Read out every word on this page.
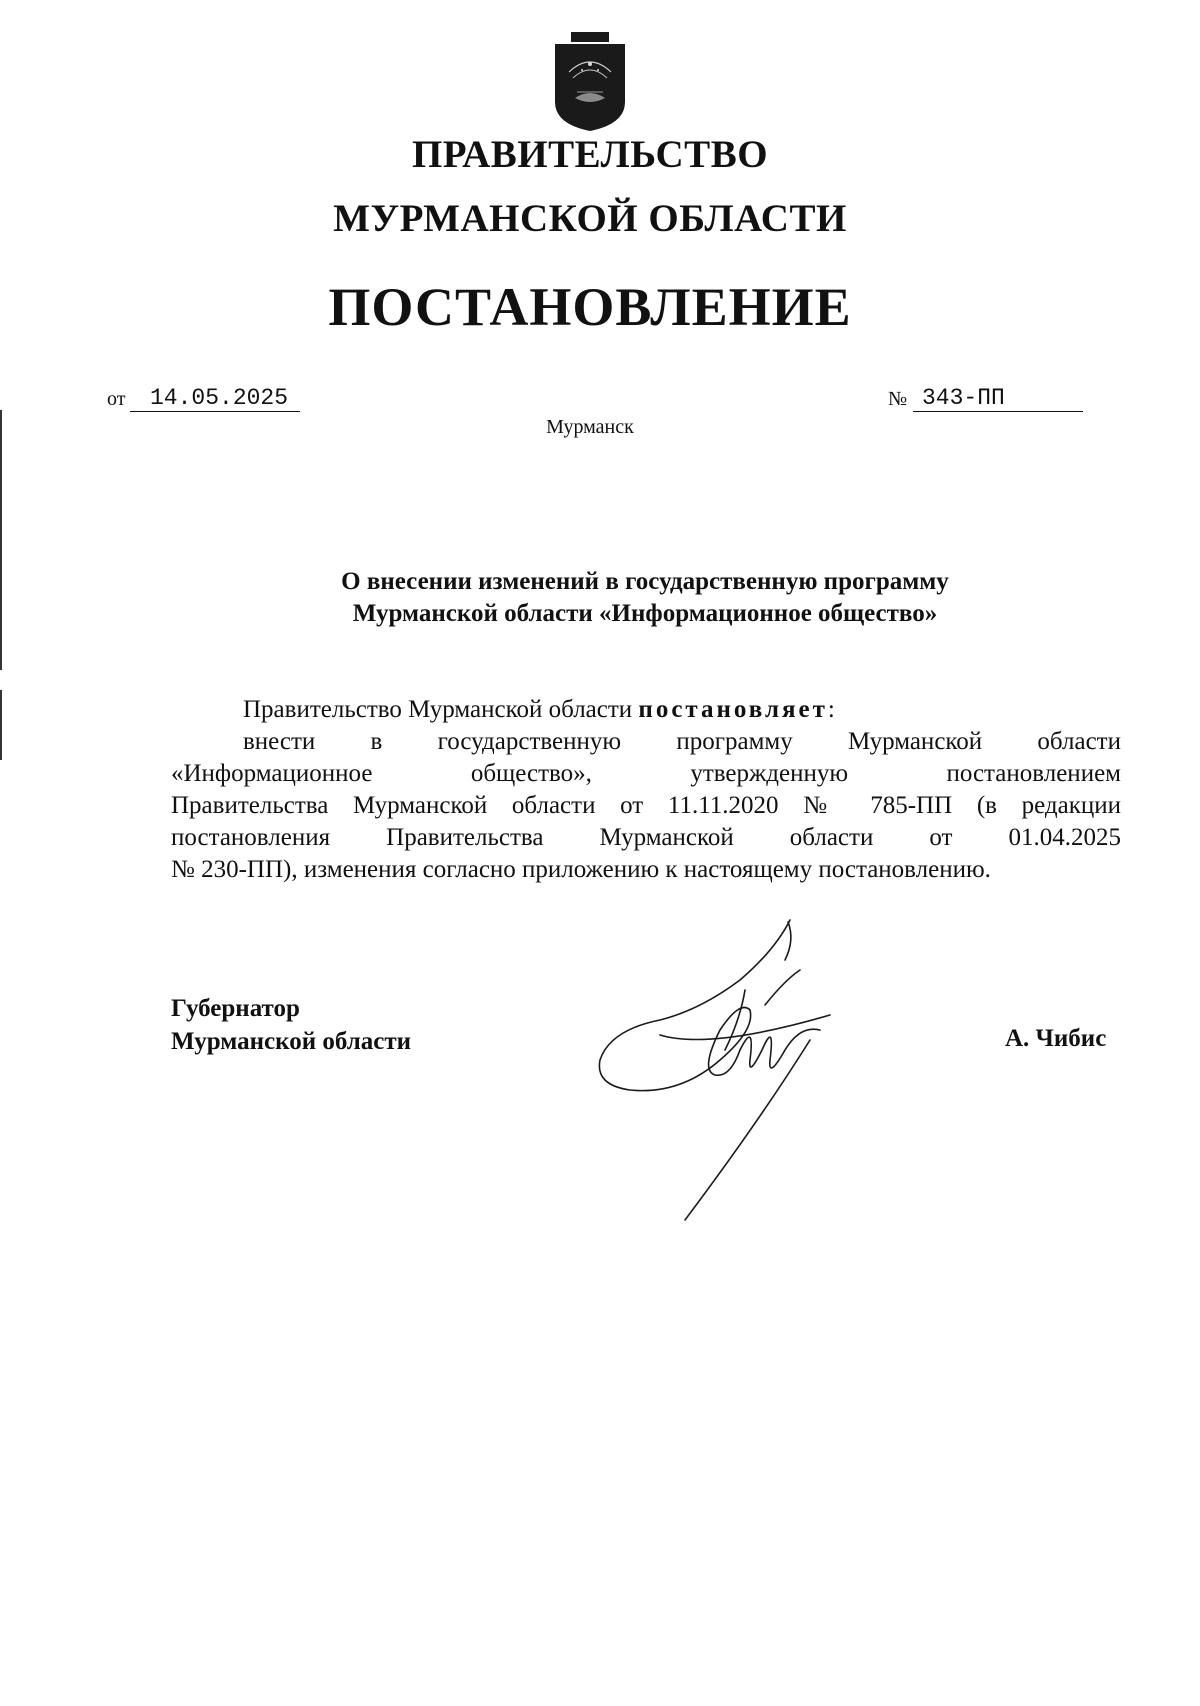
ПРАВИТЕЛЬСТВО
МУРМАНСКОЙ ОБЛАСТИ
ПОСТАНОВЛЕНИЕ
от 14.05.2025	№ 343-ПП
Мурманск
О внесении изменений в государственную программу
Мурманской области «Информационное общество»
Правительство Мурманской области постановляет:
внести в государственную программу Мурманской области
«Информационное общество», утвержденную постановлением
Правительства Мурманской области от 11.11.2020 № 785-ПП (в редакции
постановления Правительства Мурманской области от 01.04.2025
№ 230-ПП), изменения согласно приложению к настоящему постановлению.
Губернатор
Мурманской области	А. Чибис
